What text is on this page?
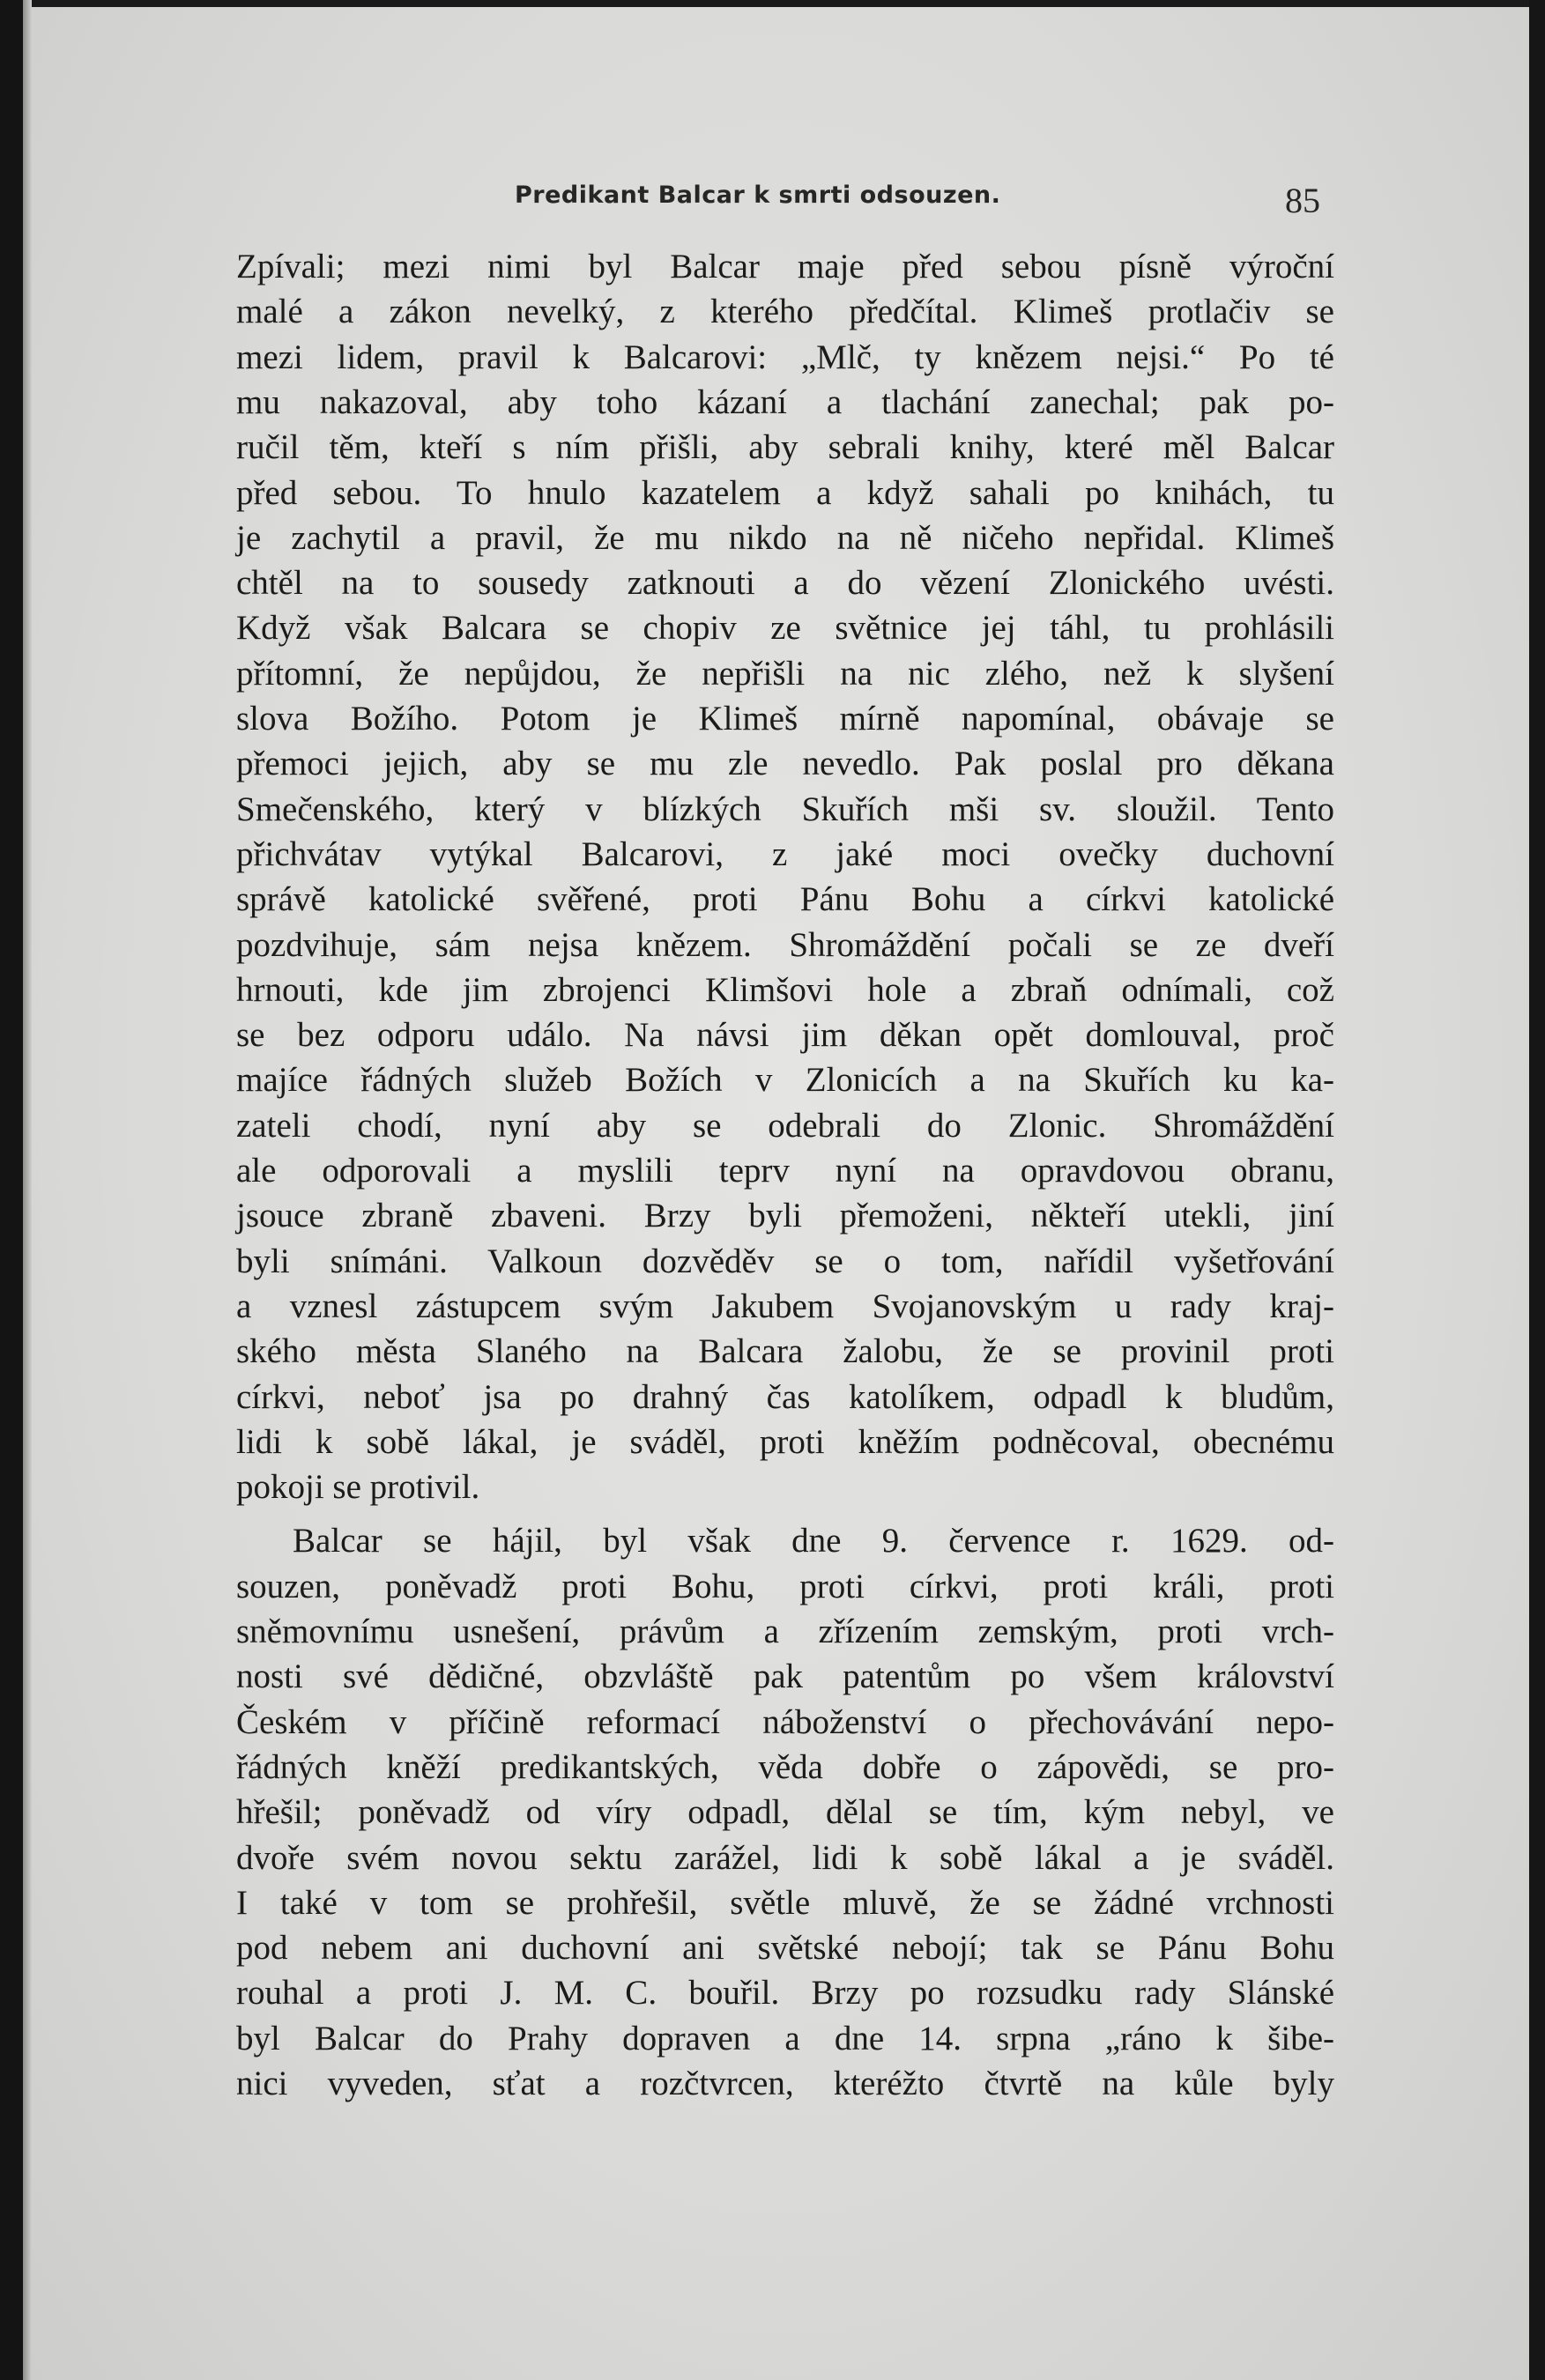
Predikant Balcar k smrti odsouzen.	85
Zpívali; mezi nimi byl Balcar maje před sebou písně výroční
malé a zákon nevelký, z kterého předčítal. Klimeš protlačiv se
mezi lidem, pravil k Balcarovi: „Mlč, ty knězem nejsi.“ Po té
mu nakazoval, aby toho kázaní a tlachání zanechal; pak po-
ručil těm, kteří s ním přišli, aby sebrali knihy, které měl Balcar
před sebou. To hnulo kazatelem a když sahali po knihách, tu
je zachytil a pravil, že mu nikdo na ně ničeho nepřidal. Klimeš
chtěl na to sousedy zatknouti a do vězení Zlonického uvésti.
Když však Balcara se chopiv ze světnice jej táhl, tu prohlásili
přítomní, že nepůjdou, že nepřišli na nic zlého, než k slyšení
slova Božího. Potom je Klimeš mírně napomínal, obávaje se
přemoci jejich, aby se mu zle nevedlo. Pak poslal pro děkana
Smečenského, který v blízkých Skuřích mši sv. sloužil. Tento
přichvátav vytýkal Balcarovi, z jaké moci ovečky duchovní
správě katolické svěřené, proti Pánu Bohu a církvi katolické
pozdvihuje, sám nejsa knězem. Shromáždění počali se ze dveří
hrnouti, kde jim zbrojenci Klimšovi hole a zbraň odnímali, což
se bez odporu událo. Na návsi jim děkan opět domlouval, proč
majíce řádných služeb Božích v Zlonicích a na Skuřích ku ka-
zateli chodí, nyní aby se odebrali do Zlonic. Shromáždění
ale odporovali a myslili teprv nyní na opravdovou obranu,
jsouce zbraně zbaveni. Brzy byli přemoženi, někteří utekli, jiní
byli snímáni. Valkoun dozvěděv se o tom, nařídil vyšetřování
a vznesl zástupcem svým Jakubem Svojanovským u rady kraj-
ského města Slaného na Balcara žalobu, že se provinil proti
církvi, neboť jsa po drahný čas katolíkem, odpadl k bludům,
lidi k sobě lákal, je sváděl, proti kněžím podněcoval, obecnému
pokoji se protivil.
Balcar se hájil, byl však dne 9. července r. 1629. od-
souzen, poněvadž proti Bohu, proti církvi, proti králi, proti
sněmovnímu usnešení, právům a zřízením zemským, proti vrch-
nosti své dědičné, obzvláště pak patentům po všem království
Českém v příčině reformací náboženství o přechovávání nepo-
řádných kněží predikantských, věda dobře o zápovědi, se pro-
hřešil; poněvadž od víry odpadl, dělal se tím, kým nebyl, ve
dvoře svém novou sektu zarážel, lidi k sobě lákal a je sváděl.
I také v tom se prohřešil, světle mluvě, že se žádné vrchnosti
pod nebem ani duchovní ani světské nebojí; tak se Pánu Bohu
rouhal a proti J. M. C. bouřil. Brzy po rozsudku rady Slánské
byl Balcar do Prahy dopraven a dne 14. srpna „ráno k šibe-
nici vyveden, sťat a rozčtvrcen, kteréžto čtvrtě na kůle byly
